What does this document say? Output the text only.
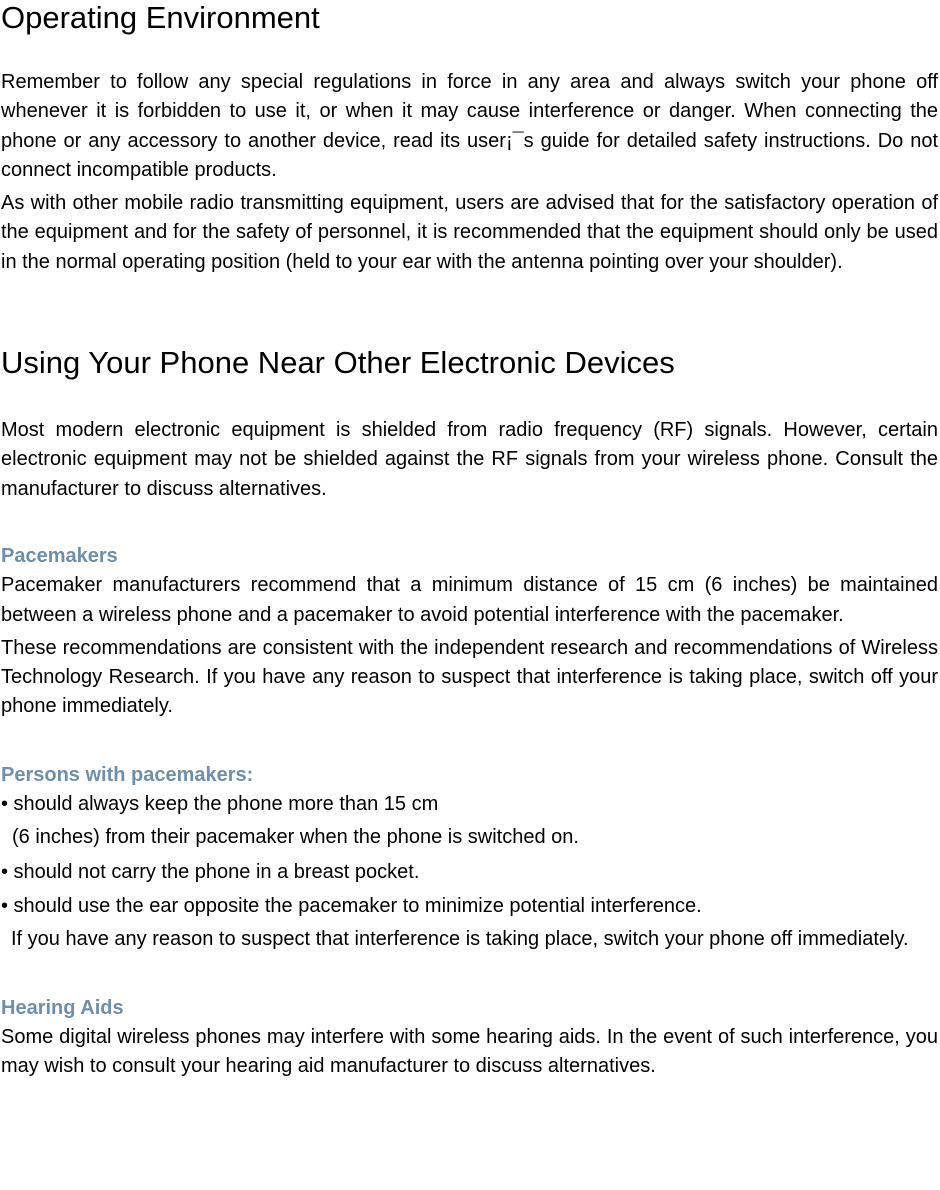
Operating Environment

Remember to follow any special regulations in force in any area and always switch your phone off whenever it is forbidden to use it, or when it may cause interference or danger. When connecting the phone or any accessory to another device, read its user¡¯s guide for detailed safety instructions. Do not connect incompatible products.

As with other mobile radio transmitting equipment, users are advised that for the satisfactory operation of the equipment and for the safety of personnel, it is recommended that the equipment should only be used in the normal operating position (held to your ear with the antenna pointing over your shoulder).

Using Your Phone Near Other Electronic Devices

Most modern electronic equipment is shielded from radio frequency (RF) signals. However, certain electronic equipment may not be shielded against the RF signals from your wireless phone. Consult the manufacturer to discuss alternatives.

Pacemakers

Pacemaker manufacturers recommend that a minimum distance of 15 cm (6 inches) be maintained between a wireless phone and a pacemaker to avoid potential interference with the pacemaker.

These recommendations are consistent with the independent research and recommendations of Wireless Technology Research. If you have any reason to suspect that interference is taking place, switch off your phone immediately.

Persons with pacemakers:

• should always keep the phone more than 15 cm

(6 inches) from their pacemaker when the phone is switched on.

• should not carry the phone in a breast pocket.

• should use the ear opposite the pacemaker to minimize potential interference.

If you have any reason to suspect that interference is taking place, switch your phone off immediately.

Hearing Aids

Some digital wireless phones may interfere with some hearing aids. In the event of such interference, you may wish to consult your hearing aid manufacturer to discuss alternatives.
